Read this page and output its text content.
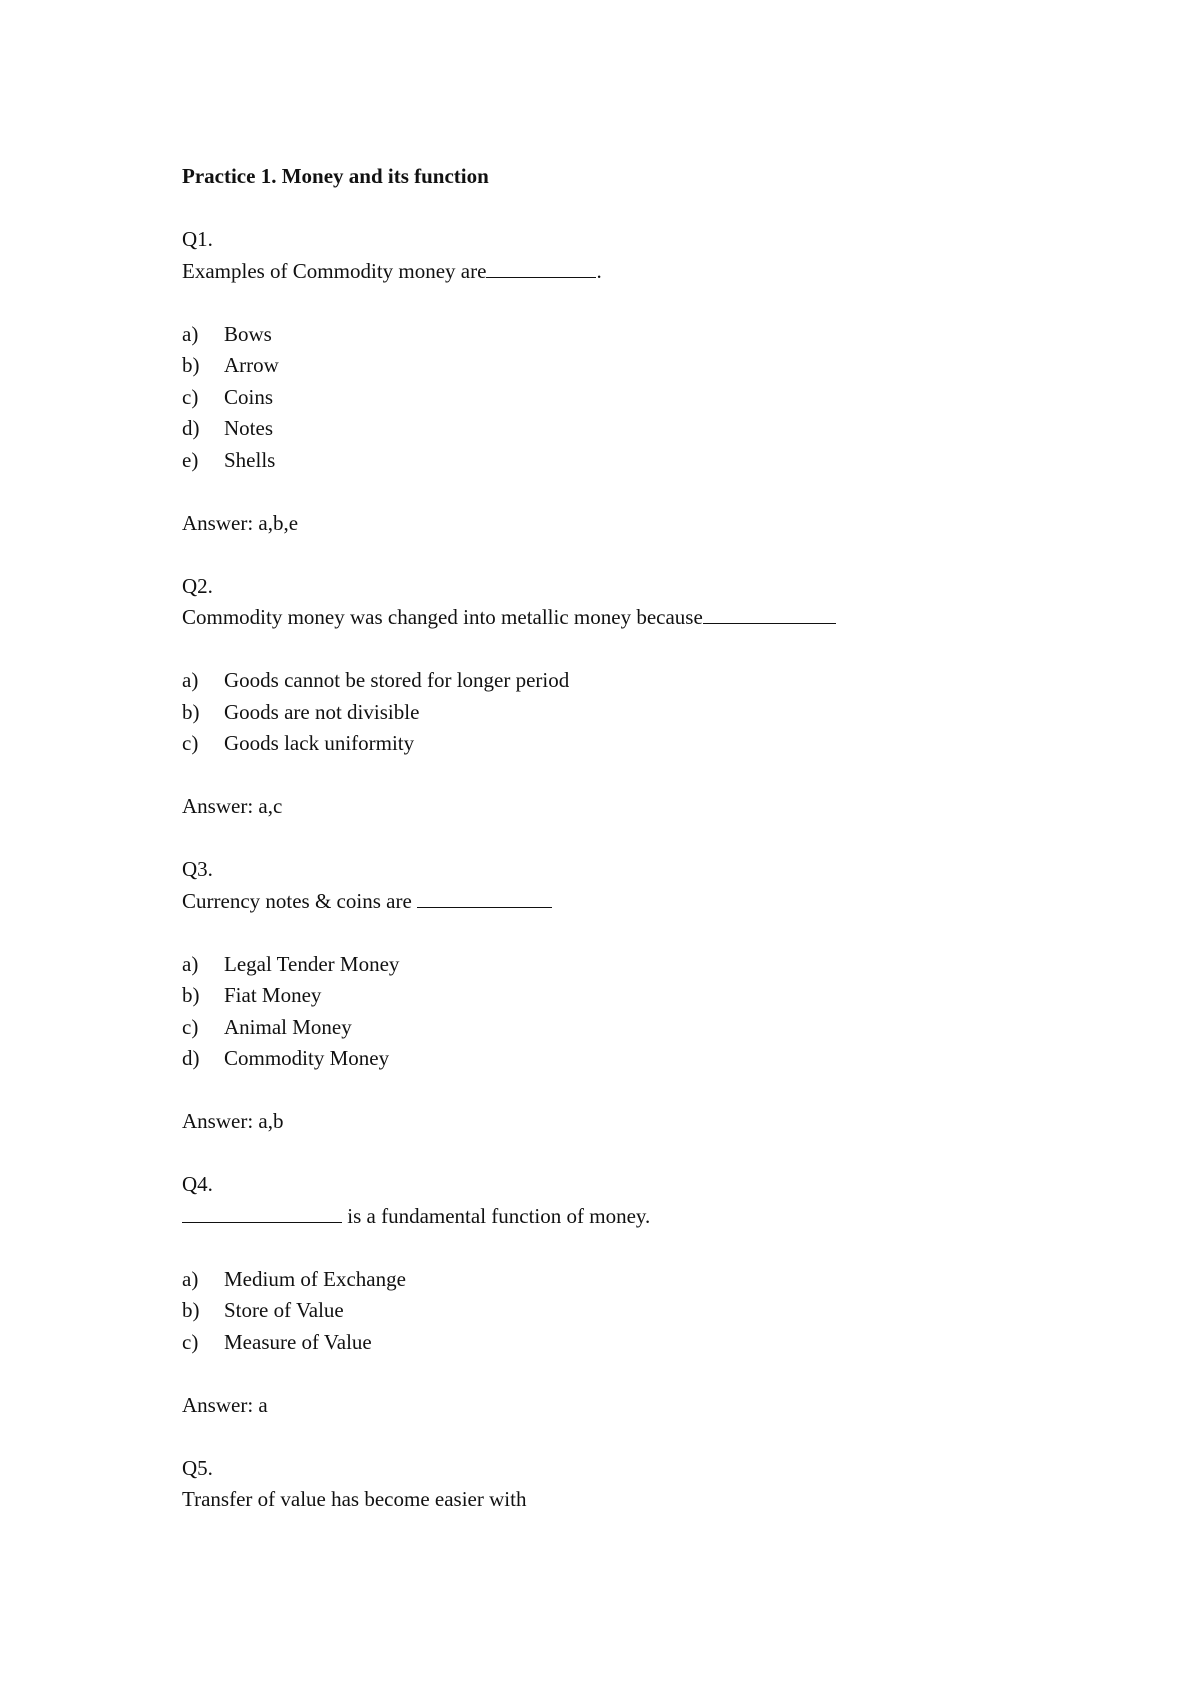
Practice 1. Money and its function

Q1.

Examples of Commodity money are	.

a)	Bows
b)	Arrow
c)	Coins
d)	Notes
e)	Shells

Answer: a,b,e

Q2.

Commodity money was changed into metallic money because

a)	Goods cannot be stored for longer period
b)	Goods are not divisible
c)	Goods lack uniformity

Answer: a,c

Q3.

Currency notes & coins are

a)	Legal Tender Money
b)	Fiat Money
c)	Animal Money
d)	Commodity Money

Answer: a,b

Q4.

is a fundamental function of money.

a)	Medium of Exchange
b)	Store of Value
c)	Measure of Value

Answer: a

Q5.

Transfer of value has become easier with
